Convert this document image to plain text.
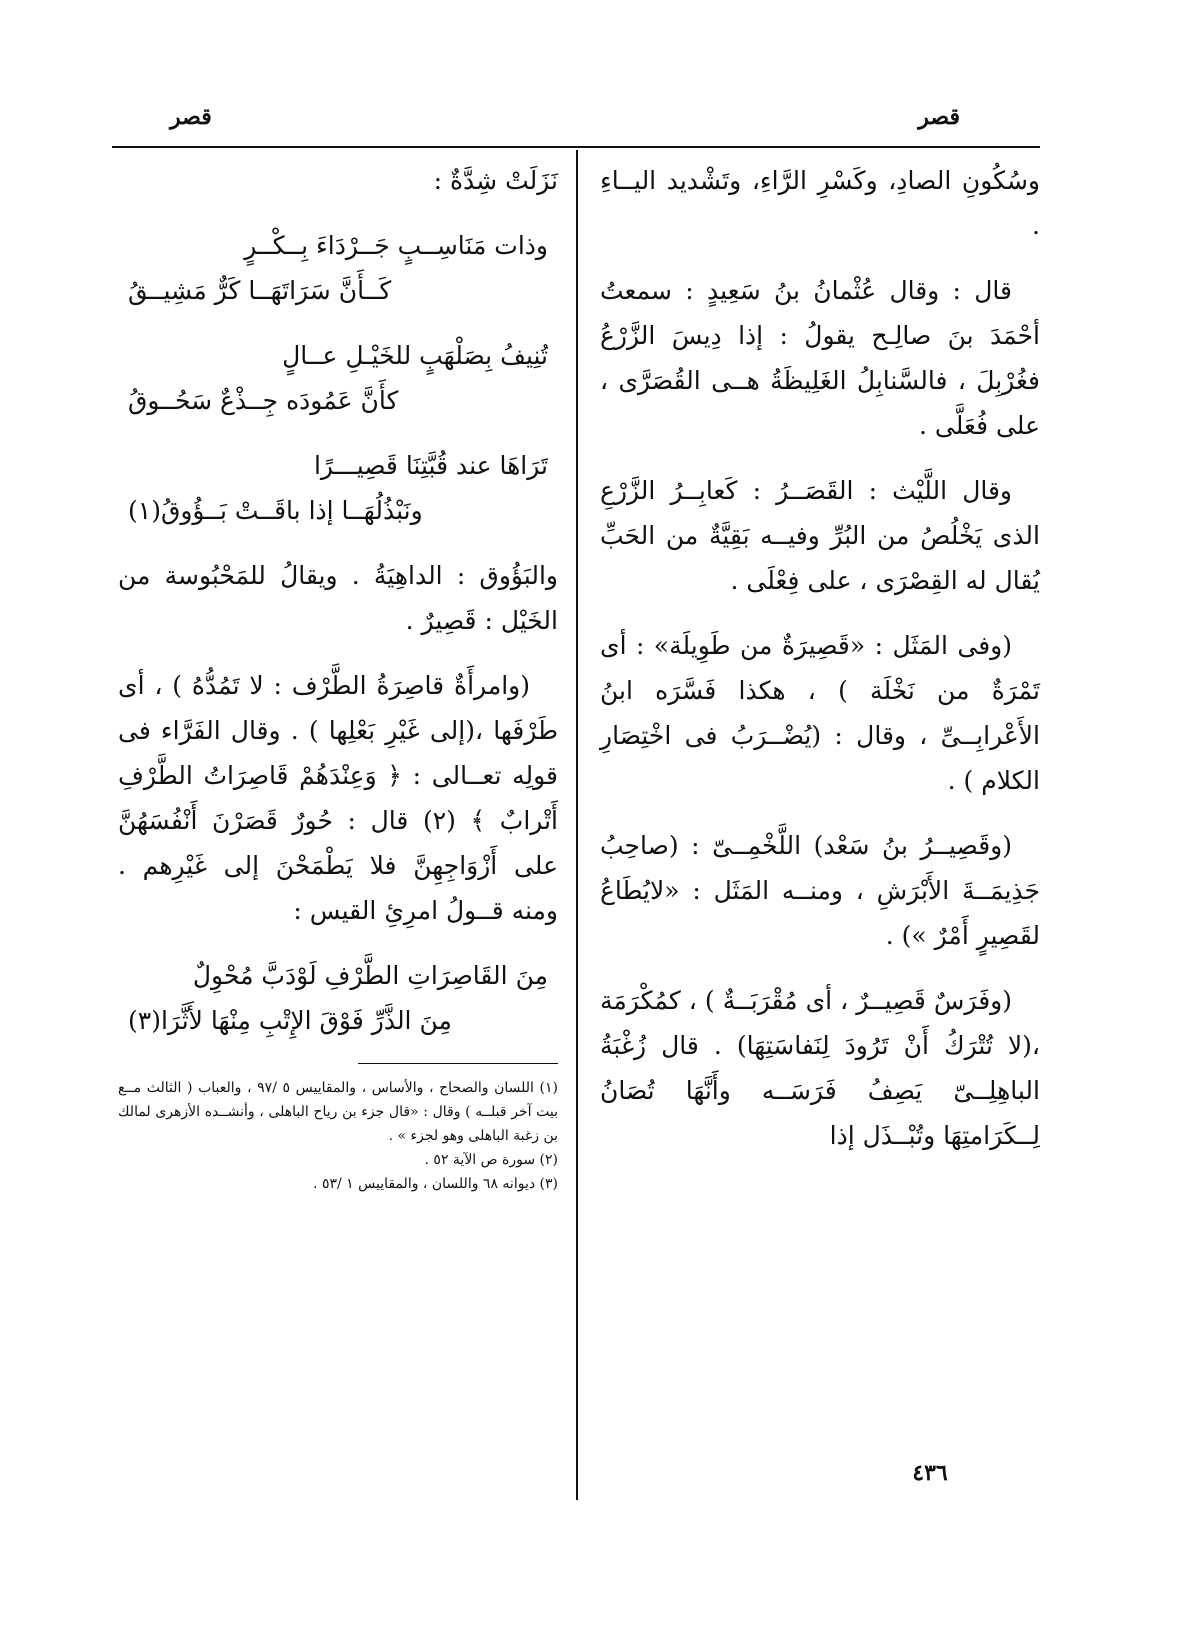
قصر
قصر

وسُكُونِ الصادِ، وكَسْرِ الرَّاءِ، وتَشْديد اليــاءِ .

قال : وقال عُثْمانُ بنُ سَعِيدٍ : سمعتُ أحْمَدَ بنَ صالِـح يقولُ : إذا دِيسَ الزَّرْعُ فغُرْبِلَ ، فالسَّنابِلُ الغَلِيظَةُ هــى القُصَرَّى ، على فُعَلَّى .

وقال اللَّيْث : القَصَــرُ : كَعابِــرُ الزَّرْعِ الذى يَخْلُصُ من البُرِّ وفيــه بَقِيَّةٌ من الحَبِّ يُقال له القِصْرَى ، على فِعْلَى .

(وفى المَثَل : «قَصِيرَةٌ من طَوِيلَة» : أى تَمْرَةٌ من نَخْلَة ) ، هكذا فَسَّرَه ابنُ الأَعْرابِــىِّ ، وقال : (يُضْــرَبُ فى اخْتِصَارِ الكلام ) .

(وقَصِيــرُ بنُ سَعْد) اللَّخْمِــىّ : (صاحِبُ جَذِيمَــةَ الأَبْرَشِ ، ومنــه المَثَل : «لايُطَاعُ لقَصِيرٍ أَمْرٌ ») .

(وفَرَسٌ قَصِيــرٌ ، أى مُقْرَبَــةٌ ) ، كمُكْرَمَة ،(لا تُتْرَكُ أَنْ تَرُودَ لِنَفاسَتِهَا) . قال زُغْبَةُ الباهِلِــىّ يَصِفُ فَرَسَــه وأَنَّهَا تُصَانُ لِــكَرَامتِهَا وتُبْــذَل إذا

نَزَلَتْ شِدَّةٌ :

وذات مَنَاسِــبٍ جَــرْدَاءَ بِــكْــرٍ
كَــأَنَّ سَرَاتَهَــا كَرٌّ مَشِيــقُ
تُنِيفُ بِصَلْهَبٍ للخَيْـلِ عــالٍ
كأَنَّ عَمُودَه جِــذْعٌ سَحُــوقُ
تَرَاهَا عند قُبَّتِنَا قَصِيـــرًا
ونَبْذُلُهَــا إذا باقَــتْ بَــؤُوقُ(١)

والبَؤُوق : الداهِيَةُ . ويقالُ للمَحْبُوسة من الخَيْل : قَصِيرٌ .

(وامرأَةٌ قاصِرَةُ الطَّرْف : لا تَمُدُّهُ ) ، أى طَرْفَها ،(إلى غَيْرِ بَعْلِها ) . وقال الفَرَّاء فى قولِه تعــالى : ﴿ وَعِنْدَهُمْ قَاصِرَاتُ الطَّرْفِ أَتْرابٌ ﴾ (٢) قال : حُورٌ قَصَرْنَ أَنْفُسَهُنَّ على أَزْوَاجِهِنَّ فلا يَطْمَحْنَ إلى غَيْرِهم . ومنه قــولُ امرِئِ القيس :

مِنَ القَاصِرَاتِ الطَّرْفِ لَوْدَبَّ مُحْوِلٌ
مِنَ الذَّرِّ فَوْقَ الإِتْبِ مِنْهَا لأَثَّرَا(٣)
(١) اللسان والصحاح ، والأساس ، والمقاييس ٥ /٩٧ ، والعباب ( الثالث مــع بيت آخر قبلــه ) وقال : «قال جزء بن رياح الباهلى ، وأنشــده الأزهرى لمالك بن زغبة الباهلى وهو لجزء » .
(٢) سورة ص الآية ٥٢ .
(٣) ديوانه ٦٨ واللسان ، والمقاييس ١ /٥٣ .
٤٣٦
